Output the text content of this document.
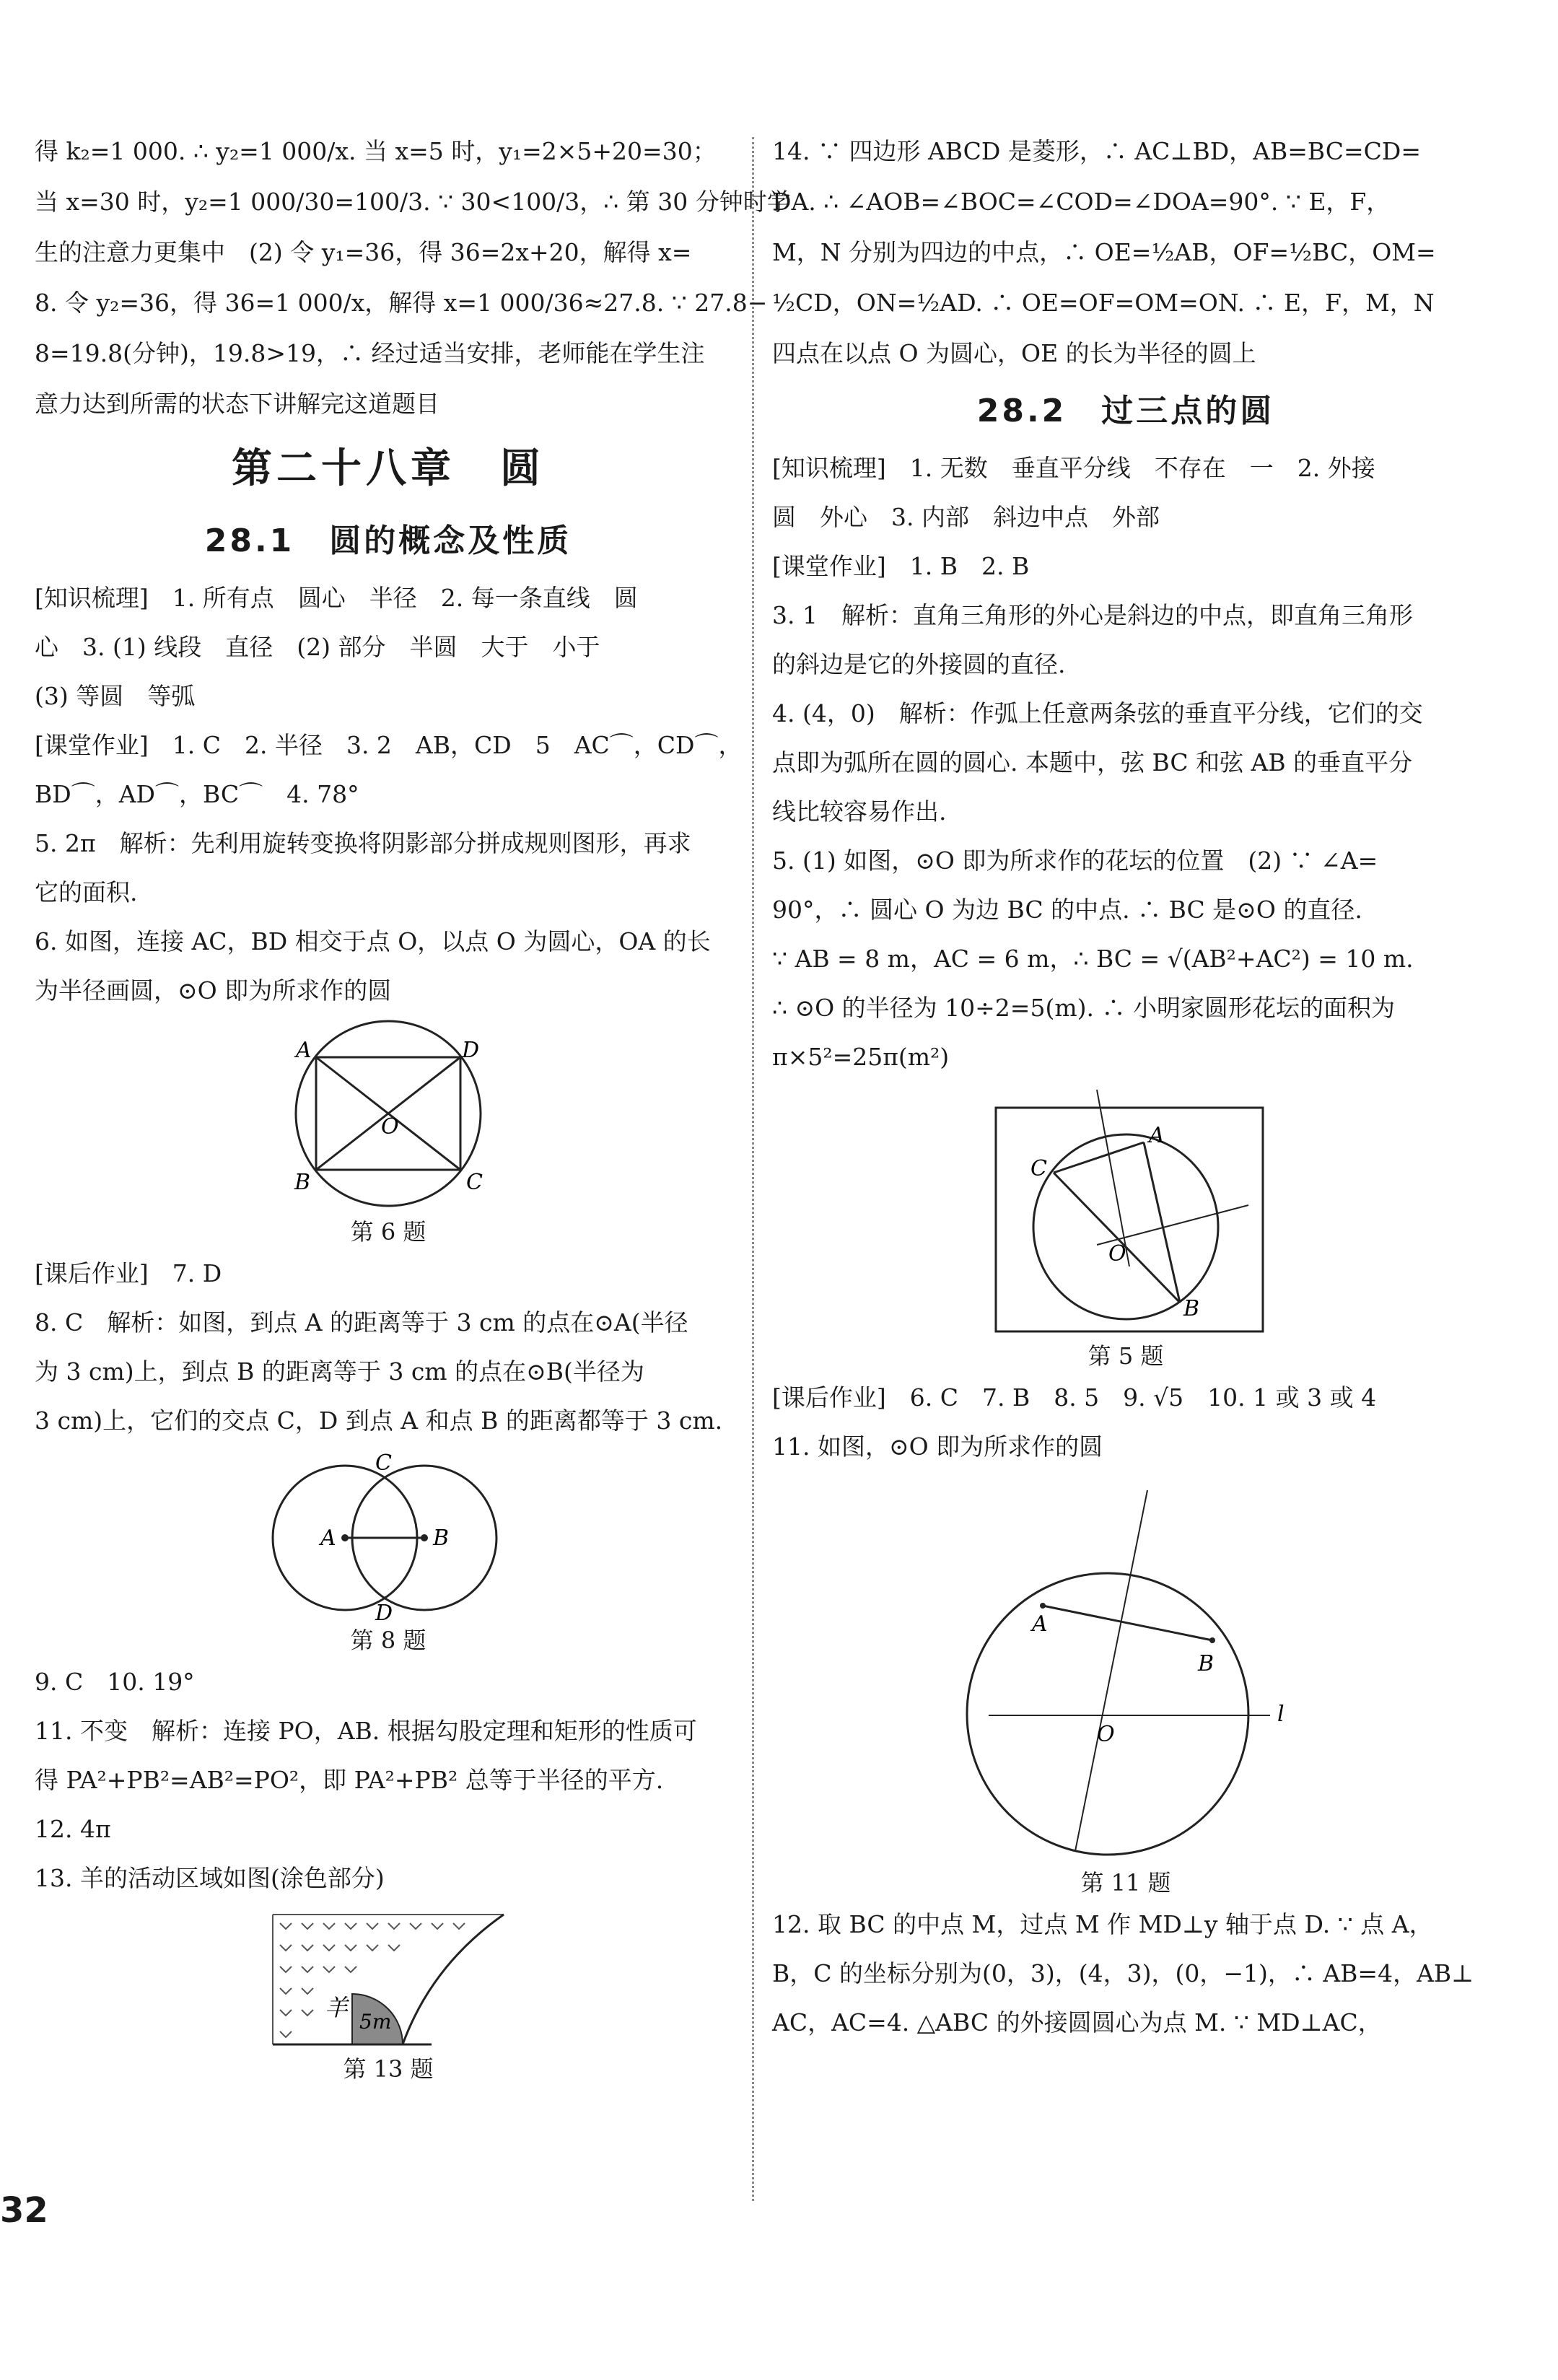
得 k₂=1 000. ∴ y₂=1 000/x. 当 x=5 时，y₁=2×5+20=30；
当 x=30 时，y₂=1 000/30=100/3. ∵ 30<100/3，∴ 第 30 分钟时学
生的注意力更集中　(2) 令 y₁=36，得 36=2x+20，解得 x=
8. 令 y₂=36，得 36=1 000/x，解得 x=1 000/36≈27.8. ∵ 27.8−
8=19.8(分钟)，19.8>19，∴ 经过适当安排，老师能在学生注
意力达到所需的状态下讲解完这道题目
第二十八章　圆
28.1　圆的概念及性质
[知识梳理]　1. 所有点　圆心　半径　2. 每一条直线　圆
心　3. (1) 线段　直径　(2) 部分　半圆　大于　小于
(3) 等圆　等弧
[课堂作业]　1. C　2. 半径　3. 2　AB，CD　5　AC⌒，CD⌒，
BD⌒，AD⌒，BC⌒　4. 78°
5. 2π　解析：先利用旋转变换将阴影部分拼成规则图形，再求
它的面积.
6. 如图，连接 AC，BD 相交于点 O，以点 O 为圆心，OA 的长
为半径画圆，⊙O 即为所求作的圆
A	D
B	C
O
第 6 题
[课后作业]　7. D
8. C　解析：如图，到点 A 的距离等于 3 cm 的点在⊙A(半径
为 3 cm)上，到点 B 的距离等于 3 cm 的点在⊙B(半径为
3 cm)上，它们的交点 C，D 到点 A 和点 B 的距离都等于 3 cm.
A	B
C
D
第 8 题
9. C　10. 19°
11. 不变　解析：连接 PO，AB. 根据勾股定理和矩形的性质可
得 PA²+PB²=AB²=PO²，即 PA²+PB² 总等于半径的平方.
12. 4π
13. 羊的活动区域如图(涂色部分)
羊
5m
第 13 题
14. ∵ 四边形 ABCD 是菱形，∴ AC⊥BD，AB=BC=CD=
DA. ∴ ∠AOB=∠BOC=∠COD=∠DOA=90°. ∵ E，F，
M，N 分别为四边的中点，∴ OE=½AB，OF=½BC，OM=
½CD，ON=½AD. ∴ OE=OF=OM=ON. ∴ E，F，M，N
四点在以点 O 为圆心，OE 的长为半径的圆上
28.2　过三点的圆
[知识梳理]　1. 无数　垂直平分线　不存在　一　2. 外接
圆　外心　3. 内部　斜边中点　外部
[课堂作业]　1. B　2. B
3. 1　解析：直角三角形的外心是斜边的中点，即直角三角形
的斜边是它的外接圆的直径.
4. (4，0)　解析：作弧上任意两条弦的垂直平分线，它们的交
点即为弧所在圆的圆心. 本题中，弦 BC 和弦 AB 的垂直平分
线比较容易作出.
5. (1) 如图，⊙O 即为所求作的花坛的位置　(2) ∵ ∠A=
90°，∴ 圆心 O 为边 BC 的中点. ∴ BC 是⊙O 的直径.
∵ AB = 8 m，AC = 6 m，∴ BC = √(AB²+AC²) = 10 m.
∴ ⊙O 的半径为 10÷2=5(m). ∴ 小明家圆形花坛的面积为
π×5²=25π(m²)
C
A
B
O
第 5 题
[课后作业]　6. C　7. B　8. 5　9. √5　10. 1 或 3 或 4
11. 如图，⊙O 即为所求作的圆
A
B
O
l
第 11 题
12. 取 BC 的中点 M，过点 M 作 MD⊥y 轴于点 D. ∵ 点 A，
B，C 的坐标分别为(0，3)，(4，3)，(0，−1)，∴ AB=4，AB⊥
AC，AC=4. △ABC 的外接圆圆心为点 M. ∵ MD⊥AC，
32
